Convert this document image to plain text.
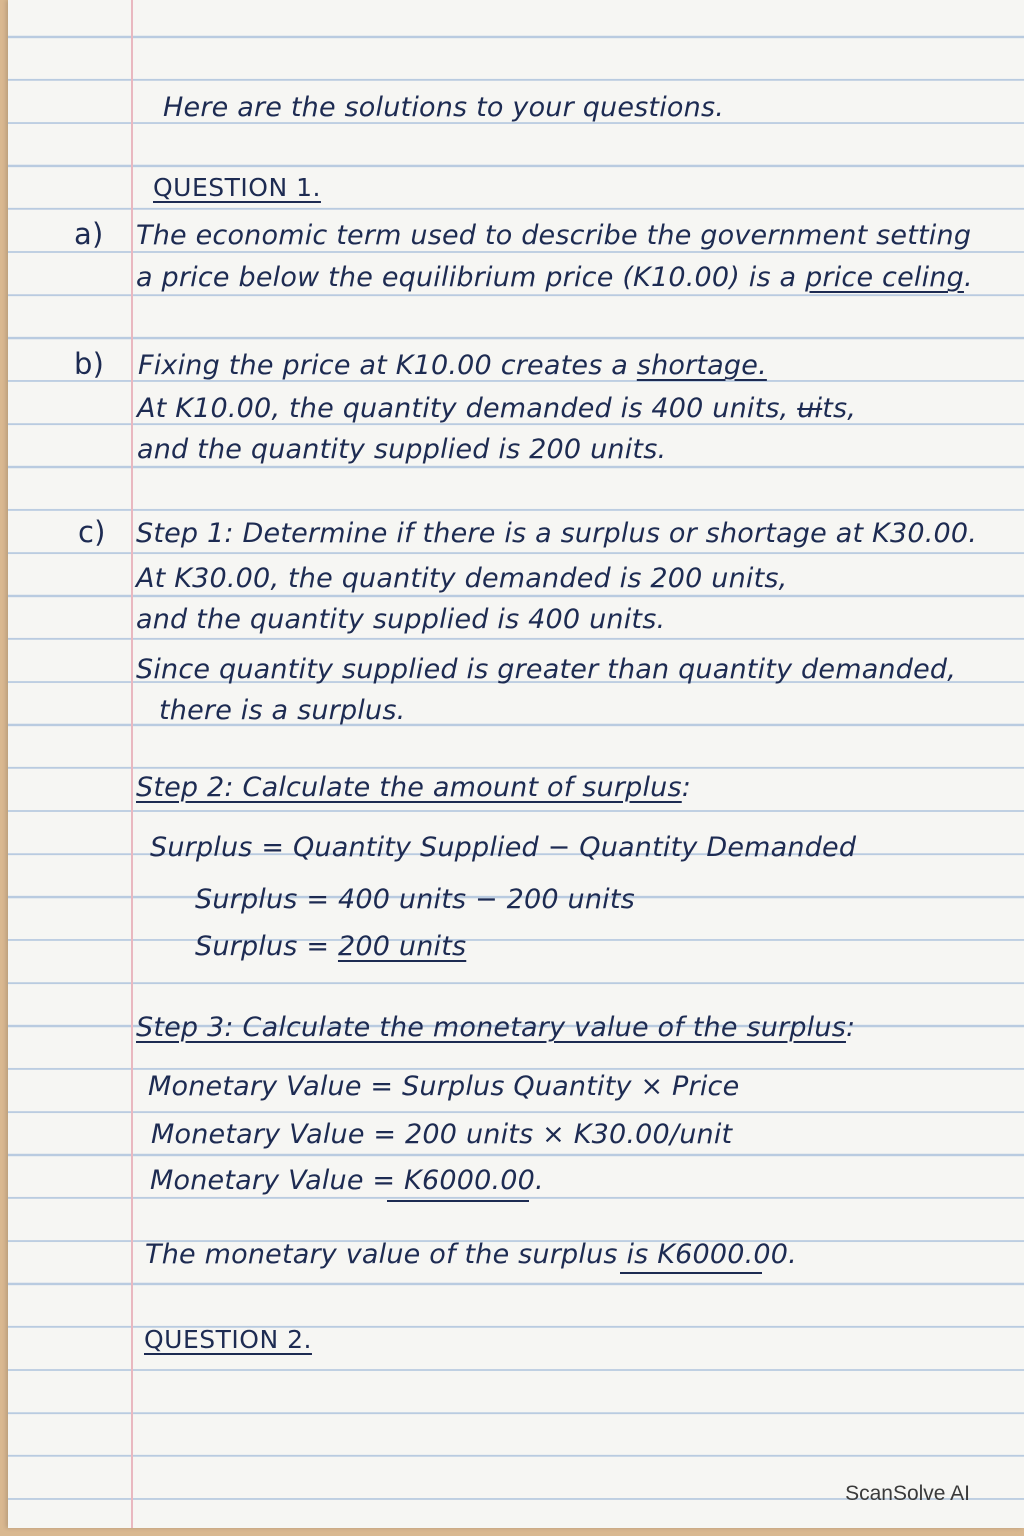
Here are the solutions to your questions.
QUESTION 1.
a) The economic term used to describe the government setting
a price below the equilibrium price (K10.00) is a price celing.
b) Fixing the price at K10.00 creates a shortage.
At K10.00, the quantity demanded is 400 units, uits,
and the quantity supplied is 200 units.
c) Step 1: Determine if there is a surplus or shortage at K30.00.
At K30.00, the quantity demanded is 200 units,
and the quantity supplied is 400 units.
Since quantity supplied is greater than quantity demanded,
there is a surplus.
Step 2: Calculate the amount of surplus:
Surplus = Quantity Supplied − Quantity Demanded
Surplus = 400 units − 200 units
Surplus = 200 units
Step 3: Calculate the monetary value of the surplus:
Monetary Value = Surplus Quantity × Price
Monetary Value = 200 units × K30.00/unit
Monetary Value = K6000.00.
The monetary value of the surplus is K6000.00.
QUESTION 2.
ScanSolve AI
